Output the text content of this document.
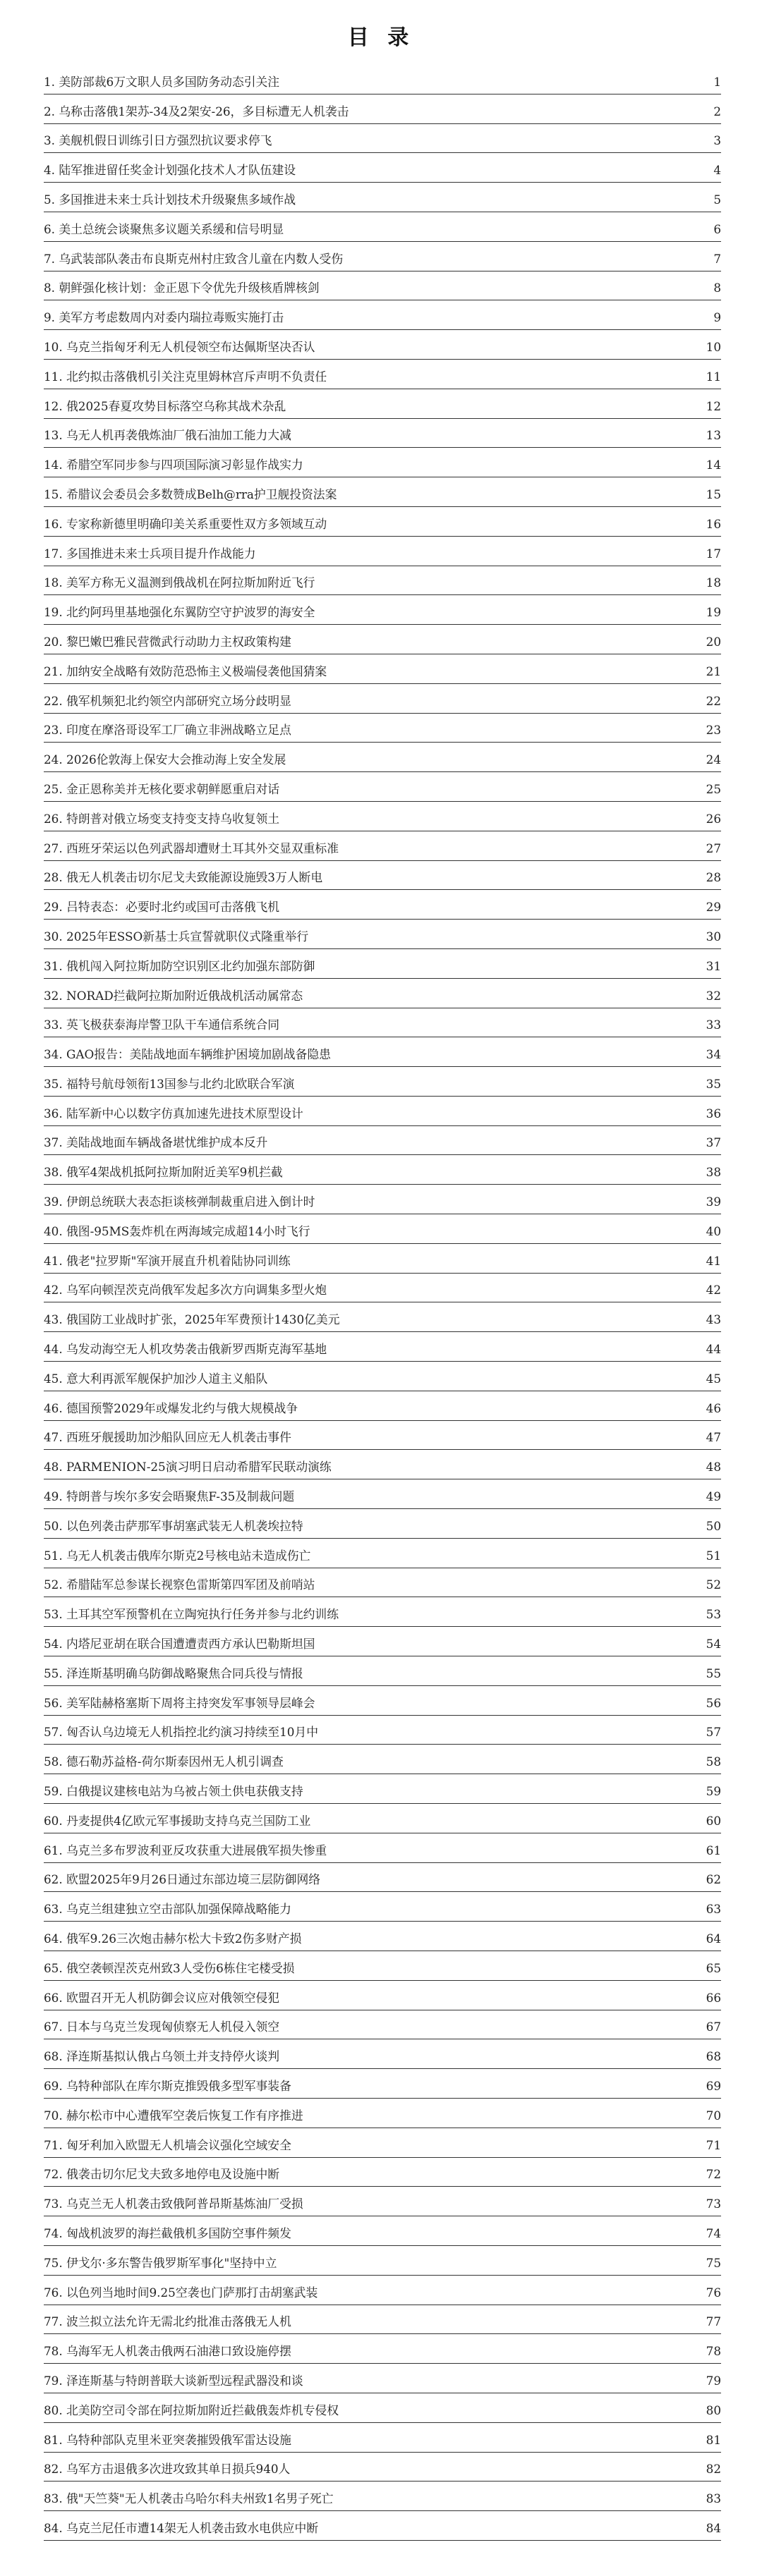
目 录
1. 美防部裁6万文职人员多国防务动态引关注	1
2. 乌称击落俄1架苏-34及2架安-26，多目标遭无人机袭击	2
3. 美舰机假日训练引日方强烈抗议要求停飞	3
4. 陆军推进留任奖金计划强化技术人才队伍建设	4
5. 多国推进未来士兵计划技术升级聚焦多域作战	5
6. 美土总统会谈聚焦多议题关系缓和信号明显	6
7. 乌武装部队袭击布良斯克州村庄致含儿童在内数人受伤	7
8. 朝鲜强化核计划：金正恩下令优先升级核盾牌核剑	8
9. 美军方考虑数周内对委内瑞拉毒贩实施打击	9
10. 乌克兰指匈牙利无人机侵领空布达佩斯坚决否认	10
11. 北约拟击落俄机引关注克里姆林宫斥声明不负责任	11
12. 俄2025春夏攻势目标落空乌称其战术杂乱	12
13. 乌无人机再袭俄炼油厂俄石油加工能力大减	13
14. 希腊空军同步参与四项国际演习彰显作战实力	14
15. 希腊议会委员会多数赞成Belh@rra护卫舰投资法案	15
16. 专家称新德里明确印美关系重要性双方多领域互动	16
17. 多国推进未来士兵项目提升作战能力	17
18. 美军方称无义温测到俄战机在阿拉斯加附近飞行	18
19. 北约阿玛里基地强化东翼防空守护波罗的海安全	19
20. 黎巴嫩巴雅民营微武行动助力主权政策构建	20
21. 加纳安全战略有效防范恐怖主义极端侵袭他国猜案	21
22. 俄军机频犯北约领空内部研究立场分歧明显	22
23. 印度在摩洛哥设军工厂确立非洲战略立足点	23
24. 2026伦敦海上保安大会推动海上安全发展	24
25. 金正恩称美并无核化要求朝鲜愿重启对话	25
26. 特朗普对俄立场变支持变支持乌收复领土	26
27. 西班牙荣运以色列武器却遭财土耳其外交显双重标准	27
28. 俄无人机袭击切尔尼戈夫致能源设施毁3万人断电	28
29. 吕特表态：必要时北约或国可击落俄飞机	29
30. 2025年ESSO新基士兵宣誓就职仪式隆重举行	30
31. 俄机闯入阿拉斯加防空识别区北约加强东部防御	31
32. NORAD拦截阿拉斯加附近俄战机活动属常态	32
33. 英飞极获泰海岸警卫队干车通信系统合同	33
34. GAO报告：美陆战地面车辆维护困境加剧战备隐患	34
35. 福特号航母领衔13国参与北约北欧联合军演	35
36. 陆军新中心以数字仿真加速先进技术原型设计	36
37. 美陆战地面车辆战备堪忧维护成本反升	37
38. 俄军4架战机抵阿拉斯加附近美军9机拦截	38
39. 伊朗总统联大表态拒谈核弹制裁重启进入倒计时	39
40. 俄图-95MS轰炸机在两海域完成超14小时飞行	40
41. 俄老"拉罗斯"军演开展直升机着陆协同训练	41
42. 乌军向顿涅茨克尚俄军发起多次方向调集多型火炮	42
43. 俄国防工业战时扩张，2025年军费预计1430亿美元	43
44. 乌发动海空无人机攻势袭击俄新罗西斯克海军基地	44
45. 意大利再派军舰保护加沙人道主义船队	45
46. 德国预警2029年或爆发北约与俄大规模战争	46
47. 西班牙舰援助加沙船队回应无人机袭击事件	47
48. PARMENION-25演习明日启动希腊军民联动演练	48
49. 特朗普与埃尔多安会晤聚焦F-35及制裁问题	49
50. 以色列袭击萨那军事胡塞武装无人机袭埃拉特	50
51. 乌无人机袭击俄库尔斯克2号核电站未造成伤亡	51
52. 希腊陆军总参谋长视察色雷斯第四军团及前哨站	52
53. 土耳其空军预警机在立陶宛执行任务并参与北约训练	53
54. 内塔尼亚胡在联合国遭遭责西方承认巴勒斯坦国	54
55. 泽连斯基明确乌防御战略聚焦合同兵役与情报	55
56. 美军陆赫格塞斯下周将主持突发军事领导层峰会	56
57. 匈否认乌边境无人机指控北约演习持续至10月中	57
58. 德石勒苏益格-荷尔斯泰因州无人机引调查	58
59. 白俄提议建核电站为乌被占领土供电获俄支持	59
60. 丹麦提供4亿欧元军事援助支持乌克兰国防工业	60
61. 乌克兰多布罗波利亚反攻获重大进展俄军损失惨重	61
62. 欧盟2025年9月26日通过东部边境三层防御网络	62
63. 乌克兰组建独立空击部队加强保障战略能力	63
64. 俄军9.26三次炮击赫尔松大卡致2伤多财产损	64
65. 俄空袭顿涅茨克州致3人受伤6栋住宅楼受损	65
66. 欧盟召开无人机防御会议应对俄领空侵犯	66
67. 日本与乌克兰发现匈侦察无人机侵入领空	67
68. 泽连斯基拟认俄占乌领土并支持停火谈判	68
69. 乌特种部队在库尔斯克推毁俄多型军事装备	69
70. 赫尔松市中心遭俄军空袭后恢复工作有序推进	70
71. 匈牙利加入欧盟无人机墙会议强化空域安全	71
72. 俄袭击切尔尼戈夫致多地停电及设施中断	72
73. 乌克兰无人机袭击致俄阿普昂斯基炼油厂受损	73
74. 匈战机波罗的海拦截俄机多国防空事件频发	74
75. 伊戈尔·多东警告俄罗斯军事化"坚持中立	75
76. 以色列当地时间9.25空袭也门萨那打击胡塞武装	76
77. 波兰拟立法允许无需北约批准击落俄无人机	77
78. 乌海军无人机袭击俄两石油港口致设施停摆	78
79. 泽连斯基与特朗普联大谈新型远程武器没和谈	79
80. 北美防空司令部在阿拉斯加附近拦截俄轰炸机专侵权	80
81. 乌特种部队克里米亚突袭摧毁俄军雷达设施	81
82. 乌军方击退俄多次进攻致其单日损兵940人	82
83. 俄"天竺葵"无人机袭击乌哈尔科夫州致1名男子死亡	83
84. 乌克兰尼任市遭14架无人机袭击致水电供应中断	84
